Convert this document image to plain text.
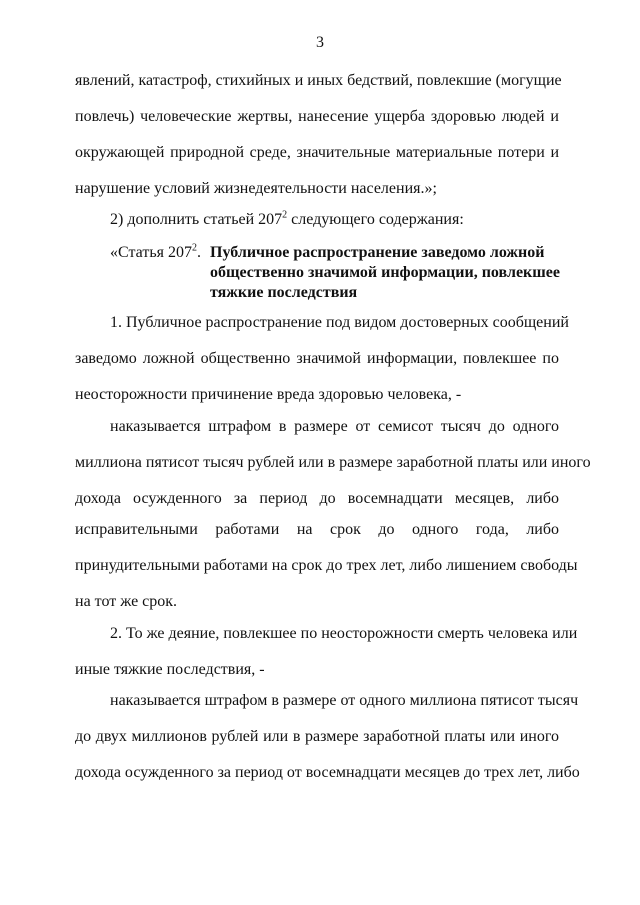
3
явлений, катастроф, стихийных и иных бедствий, повлекшие (могущие
повлечь) человеческие жертвы, нанесение ущерба здоровью людей и
окружающей природной среде, значительные материальные потери и
нарушение условий жизнедеятельности населения.»;
2) дополнить статьей $207^2$ следующего содержания:
«Статья $207^2$. Публичное распространение заведомо ложной
общественно значимой информации, повлекшее
тяжкие последствия
1. Публичное распространение под видом достоверных сообщений
заведомо ложной общественно значимой информации, повлекшее по
неосторожности причинение вреда здоровью человека, -
наказывается штрафом в размере от семисот тысяч до одного
миллиона пятисот тысяч рублей или в размере заработной платы или иного
дохода осужденного за период до восемнадцати месяцев, либо
исправительными работами на срок до одного года, либо
принудительными работами на срок до трех лет, либо лишением свободы
на тот же срок.
2. То же деяние, повлекшее по неосторожности смерть человека или
иные тяжкие последствия, -
наказывается штрафом в размере от одного миллиона пятисот тысяч
до двух миллионов рублей или в размере заработной платы или иного
дохода осужденного за период от восемнадцати месяцев до трех лет, либо
